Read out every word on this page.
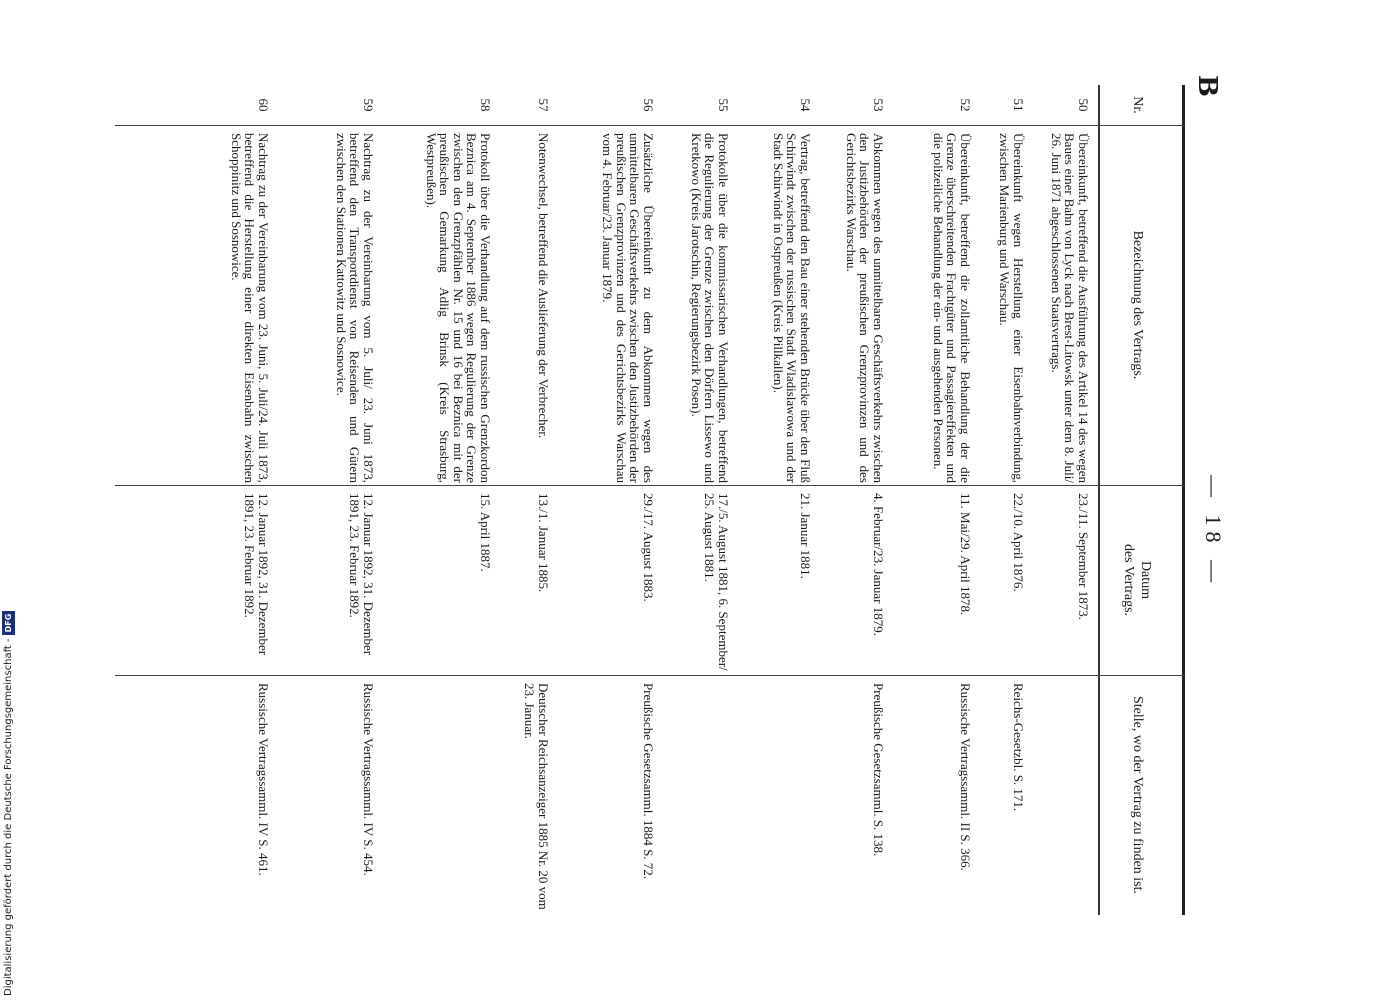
B
— 18 —
Nr.
Bezeichnung des Vertrags.
Datum
des Vertrags.
Stelle, wo der Vertrag zu finden ist.
50
Übereinkunft, betreffend die Ausführung des Artikel 14 des wegen Baues einer Bahn von Lyck nach Brest-Litowsk unter dem 8. Juli/ 26. Juni 1871 abgeschlossenen Staatsvertrags.
23./11. September 1873.
51
Übereinkunft wegen Herstellung einer Eisenbahnverbindung, zwischen Marienburg und Warschau.
22./10. April 1876.
Reichs-Gesetzbl. S. 171.
52
Übereinkunft, betreffend die zollamtliche Behandlung der die Grenze überschreitenden Frachtgüter und Passagiereffekten und die polizeiliche Behandlung der ein- und ausgehenden Personen.
11. Mai/29. April 1878.
Russische Vertragssamml. II S. 366.
53
Abkommen wegen des unmittelbaren Geschäftsverkehrs zwischen den Justizbehörden der preußischen Grenzprovinzen und des Gerichtsbezirks Warschau.
4. Februar/23. Januar 1879.
Preußische Gesetzsamml. S. 138.
54
Vertrag, betreffend den Bau einer stehenden Brücke über den Fluß Schirwindt zwischen der russischen Stadt Wladislawowa und der Stadt Schirwindt in Ostpreußen (Kreis Pillkallen).
21. Januar 1881.
55
Protokolle über die kommissarischen Verhandlungen, betreffend die Regulierung der Grenze zwischen den Dörfern Lissewo und Kretkowo (Kreis Jarotschin, Regierungsbezirk Posen).
17./5. August 1881, 6. September/ 25. August 1881.
56
Zusätzliche Übereinkunft zu dem Abkommen wegen des unmittelbaren Geschäftsverkehrs zwischen den Justizbehörden der preußischen Grenzprovinzen und des Gerichtsbezirks Warschau vom 4. Februar/23. Januar 1879.
29./17. August 1883.
Preußische Gesetzsamml. 1884 S. 72.
57
Notenwechsel, betreffend die Auslieferung der Verbrecher.
13./1. Januar 1885.
Deutscher Reichsanzeiger 1885 Nr. 20 vom 23. Januar.
58
Protokoll über die Verhandlung auf dem russischen Grenzkordon Beznica am 4. September 1886 wegen Regulierung der Grenze zwischen den Grenzpfählen Nr. 15 und 16 bei Beznica mit der preußischen Gemarkung Adlig Brinsk (Kreis Strasburg, Westpreußen).
15. April 1887.
59
Nachtrag zu der Vereinbarung vom 5. Juli/ 23. Juni 1873, betreffend den Transportdienst von Reisenden und Gütern zwischen den Stationen Kattowitz und Sosnowice.
12. Januar 1892, 31. Dezember 1891, 23. Februar 1892.
Russische Vertragssamml. IV S. 454.
60
Nachtrag zu der Vereinbarung vom 23. Juni, 5. Juli/24. Juli 1873, betreffend die Herstellung einer direkten Eisenbahn zwischen Schoppinitz und Sosnowice.
12. Januar 1892, 31. Dezember 1891, 23. Februar 1892.
Russische Vertragssamml. IV S. 461.
Digitalisierung gefördert durch die Deutsche Forschungsgemeinschaft -
DFG
